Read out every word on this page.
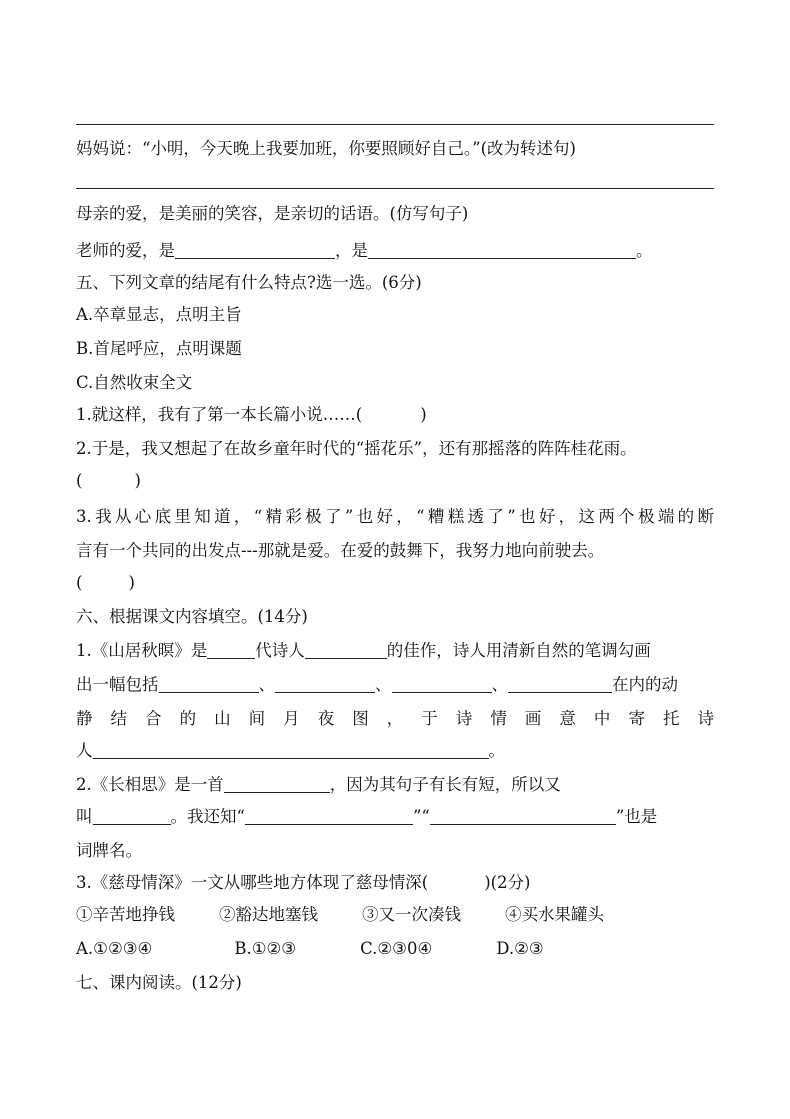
妈妈说：“小明，今天晚上我要加班，你要照顾好自己。”(改为转述句)
母亲的爱，是美丽的笑容，是亲切的话语。(仿写句子)
老师的爱，是	，是	。
五、下列文章的结尾有什么特点?选一选。(6分)
A.卒章显志，点明主旨
B.首尾呼应，点明课题
C.自然收束全文
1.就这样，我有了第一本长篇小说……(	)
2.于是，我又想起了在故乡童年时代的“摇花乐”，还有那摇落的阵阵桂花雨。
(	)
3.我从心底里知道，“精彩极了”也好，“糟糕透了”也好，这两个极端的断
言有一个共同的出发点---那就是爱。在爱的鼓舞下，我努力地向前驶去。
(	)
六、根据课文内容填空。(14分)
1.《山居秋暝》是	代诗人	的佳作，诗人用清新自然的笔调勾画
出一幅包括	、	、	、	在内的动
静结合的山间月夜图，于诗情画意中寄托诗
人	。
2.《长相思》是一首	，因为其句子有长有短，所以又
叫	。我还知“	”“	”也是
词牌名。
3.《慈母情深》一文从哪些地方体现了慈母情深(	)(2分)
①辛苦地挣钱	②豁达地塞钱	③又一次凑钱	④买水果罐头
A.①②③④	B.①②③	C.②③0④	D.②③
七、课内阅读。(12分)
